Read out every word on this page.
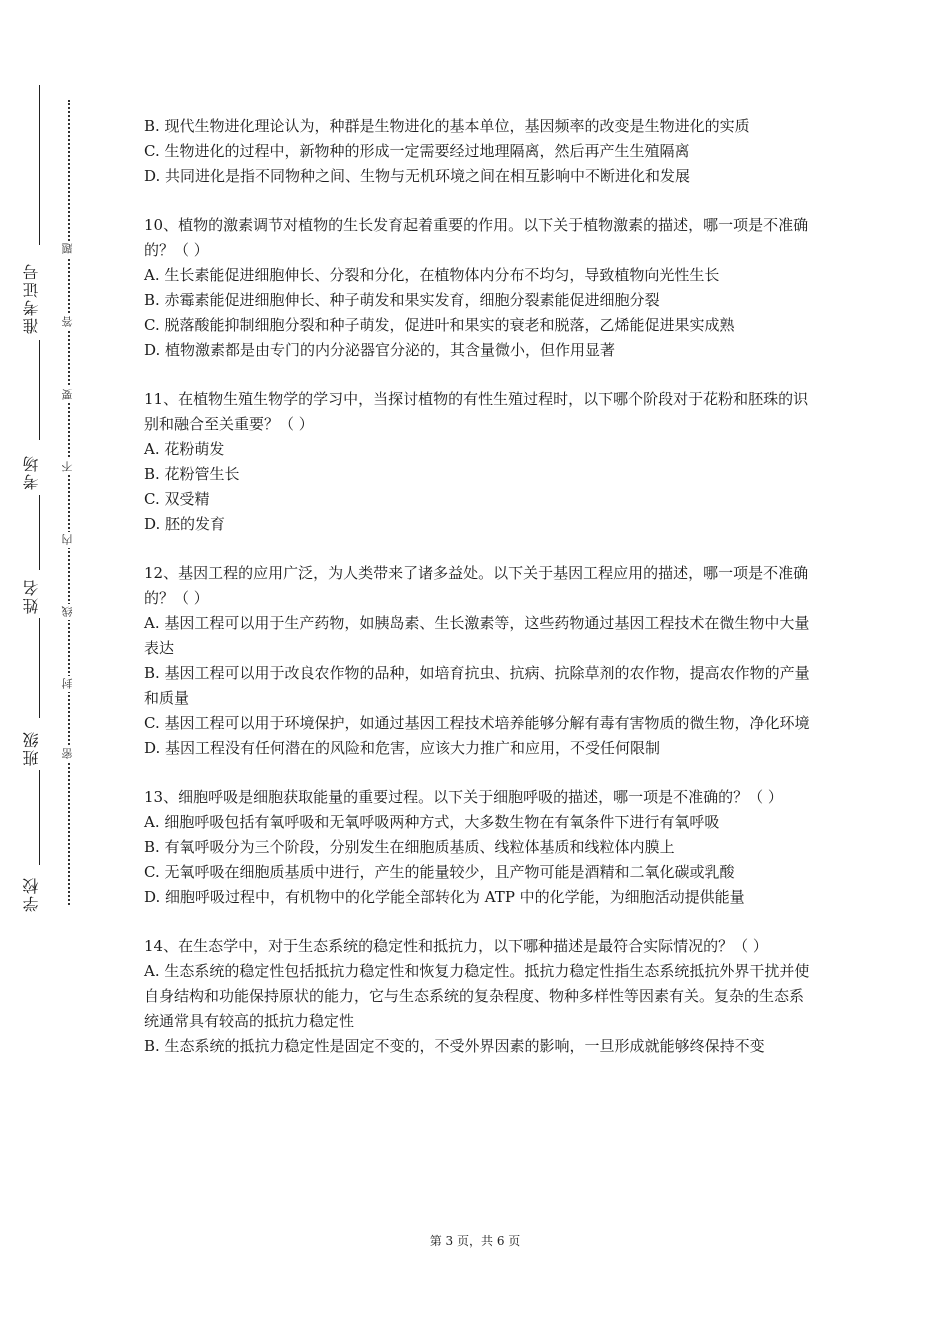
准考证号
考场
姓名
班级
学校
题
答
要
不
内
线
封
密

B. 现代生物进化理论认为，种群是生物进化的基本单位，基因频率的改变是生物进化的实质

C. 生物进化的过程中，新物种的形成一定需要经过地理隔离，然后再产生生殖隔离

D. 共同进化是指不同物种之间、生物与无机环境之间在相互影响中不断进化和发展

10、植物的激素调节对植物的生长发育起着重要的作用。以下关于植物激素的描述，哪一项是不准确的？（ ）

A. 生长素能促进细胞伸长、分裂和分化，在植物体内分布不均匀，导致植物向光性生长

B. 赤霉素能促进细胞伸长、种子萌发和果实发育，细胞分裂素能促进细胞分裂

C. 脱落酸能抑制细胞分裂和种子萌发，促进叶和果实的衰老和脱落，乙烯能促进果实成熟

D. 植物激素都是由专门的内分泌器官分泌的，其含量微小，但作用显著

11、在植物生殖生物学的学习中，当探讨植物的有性生殖过程时，以下哪个阶段对于花粉和胚珠的识别和融合至关重要？（ ）

A. 花粉萌发

B. 花粉管生长

C. 双受精

D. 胚的发育

12、基因工程的应用广泛，为人类带来了诸多益处。以下关于基因工程应用的描述，哪一项是不准确的？（ ）

A. 基因工程可以用于生产药物，如胰岛素、生长激素等，这些药物通过基因工程技术在微生物中大量表达

B. 基因工程可以用于改良农作物的品种，如培育抗虫、抗病、抗除草剂的农作物，提高农作物的产量和质量

C. 基因工程可以用于环境保护，如通过基因工程技术培养能够分解有毒有害物质的微生物，净化环境

D. 基因工程没有任何潜在的风险和危害，应该大力推广和应用，不受任何限制

13、细胞呼吸是细胞获取能量的重要过程。以下关于细胞呼吸的描述，哪一项是不准确的？（ ）

A. 细胞呼吸包括有氧呼吸和无氧呼吸两种方式，大多数生物在有氧条件下进行有氧呼吸

B. 有氧呼吸分为三个阶段，分别发生在细胞质基质、线粒体基质和线粒体内膜上

C. 无氧呼吸在细胞质基质中进行，产生的能量较少，且产物可能是酒精和二氧化碳或乳酸

D. 细胞呼吸过程中，有机物中的化学能全部转化为 ATP 中的化学能，为细胞活动提供能量

14、在生态学中，对于生态系统的稳定性和抵抗力，以下哪种描述是最符合实际情况的？（ ）

A. 生态系统的稳定性包括抵抗力稳定性和恢复力稳定性。抵抗力稳定性指生态系统抵抗外界干扰并使自身结构和功能保持原状的能力，它与生态系统的复杂程度、物种多样性等因素有关。复杂的生态系统通常具有较高的抵抗力稳定性

B. 生态系统的抵抗力稳定性是固定不变的，不受外界因素的影响，一旦形成就能够终保持不变

第 3 页，共 6 页
